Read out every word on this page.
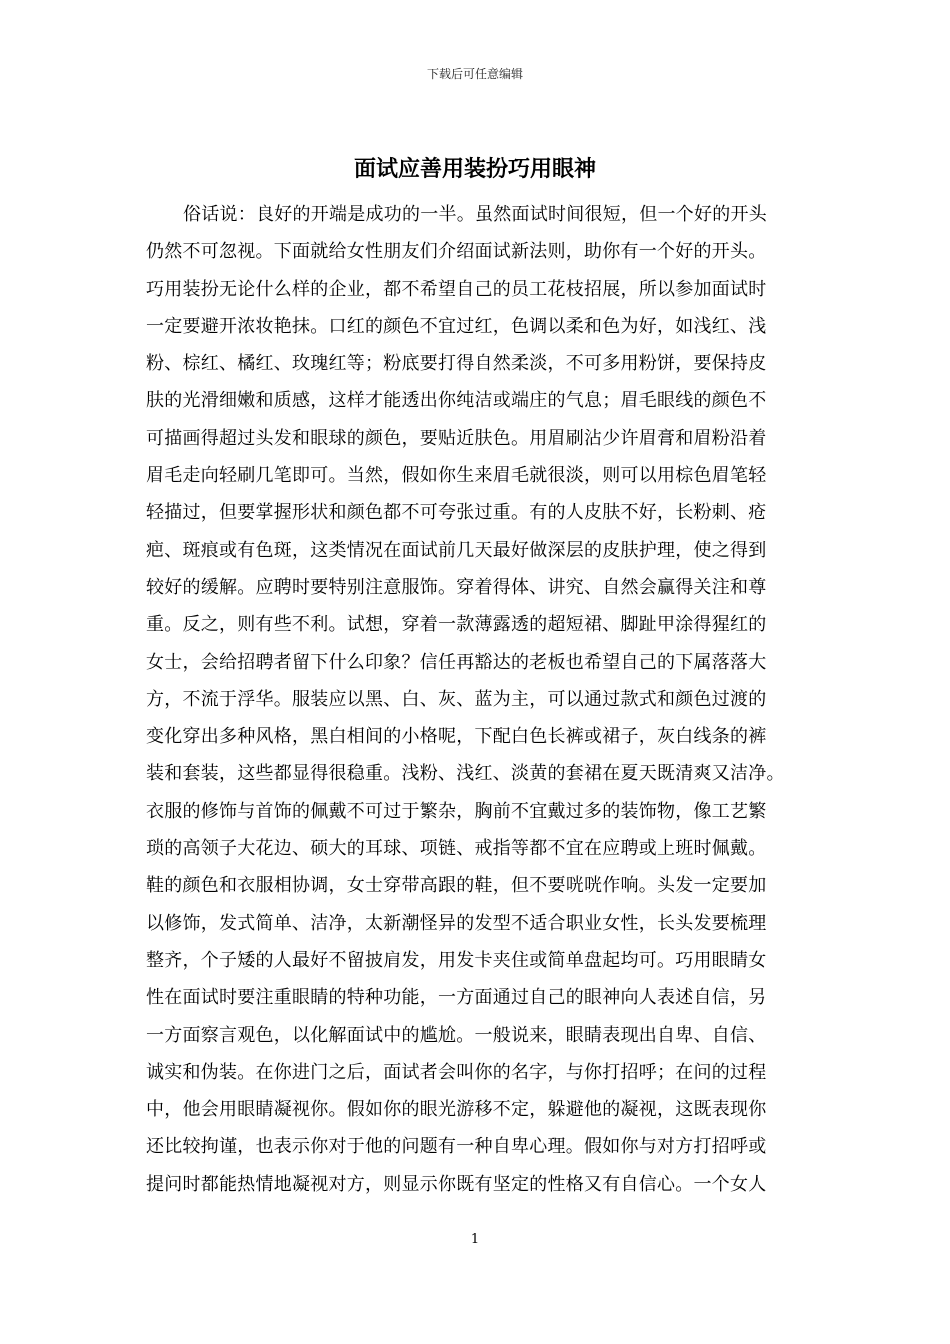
下载后可任意编辑
面试应善用装扮巧用眼神
俗话说：良好的开端是成功的一半。虽然面试时间很短，但一个好的开头
仍然不可忽视。下面就给女性朋友们介绍面试新法则，助你有一个好的开头。
巧用装扮无论什么样的企业，都不希望自己的员工花枝招展，所以参加面试时
一定要避开浓妆艳抹。口红的颜色不宜过红，色调以柔和色为好，如浅红、浅
粉、棕红、橘红、玫瑰红等；粉底要打得自然柔淡，不可多用粉饼，要保持皮
肤的光滑细嫩和质感，这样才能透出你纯洁或端庄的气息；眉毛眼线的颜色不
可描画得超过头发和眼球的颜色，要贴近肤色。用眉刷沾少许眉膏和眉粉沿着
眉毛走向轻刷几笔即可。当然，假如你生来眉毛就很淡，则可以用棕色眉笔轻
轻描过，但要掌握形状和颜色都不可夸张过重。有的人皮肤不好，长粉刺、疮
疤、斑痕或有色斑，这类情况在面试前几天最好做深层的皮肤护理，使之得到
较好的缓解。应聘时要特别注意服饰。穿着得体、讲究、自然会赢得关注和尊
重。反之，则有些不利。试想，穿着一款薄露透的超短裙、脚趾甲涂得猩红的
女士，会给招聘者留下什么印象？信任再豁达的老板也希望自己的下属落落大
方，不流于浮华。服装应以黑、白、灰、蓝为主，可以通过款式和颜色过渡的
变化穿出多种风格，黑白相间的小格呢，下配白色长裤或裙子，灰白线条的裤
装和套装，这些都显得很稳重。浅粉、浅红、淡黄的套裙在夏天既清爽又洁净。
衣服的修饰与首饰的佩戴不可过于繁杂，胸前不宜戴过多的装饰物，像工艺繁
琐的高领子大花边、硕大的耳球、项链、戒指等都不宜在应聘或上班时佩戴。
鞋的颜色和衣服相协调，女士穿带高跟的鞋，但不要咣咣作响。头发一定要加
以修饰，发式简单、洁净，太新潮怪异的发型不适合职业女性，长头发要梳理
整齐，个子矮的人最好不留披肩发，用发卡夹住或简单盘起均可。巧用眼睛女
性在面试时要注重眼睛的特种功能，一方面通过自己的眼神向人表述自信，另
一方面察言观色，以化解面试中的尴尬。一般说来，眼睛表现出自卑、自信、
诚实和伪装。在你进门之后，面试者会叫你的名字，与你打招呼；在问的过程
中，他会用眼睛凝视你。假如你的眼光游移不定，躲避他的凝视，这既表现你
还比较拘谨，也表示你对于他的问题有一种自卑心理。假如你与对方打招呼或
提问时都能热情地凝视对方，则显示你既有坚定的性格又有自信心。一个女人
1
